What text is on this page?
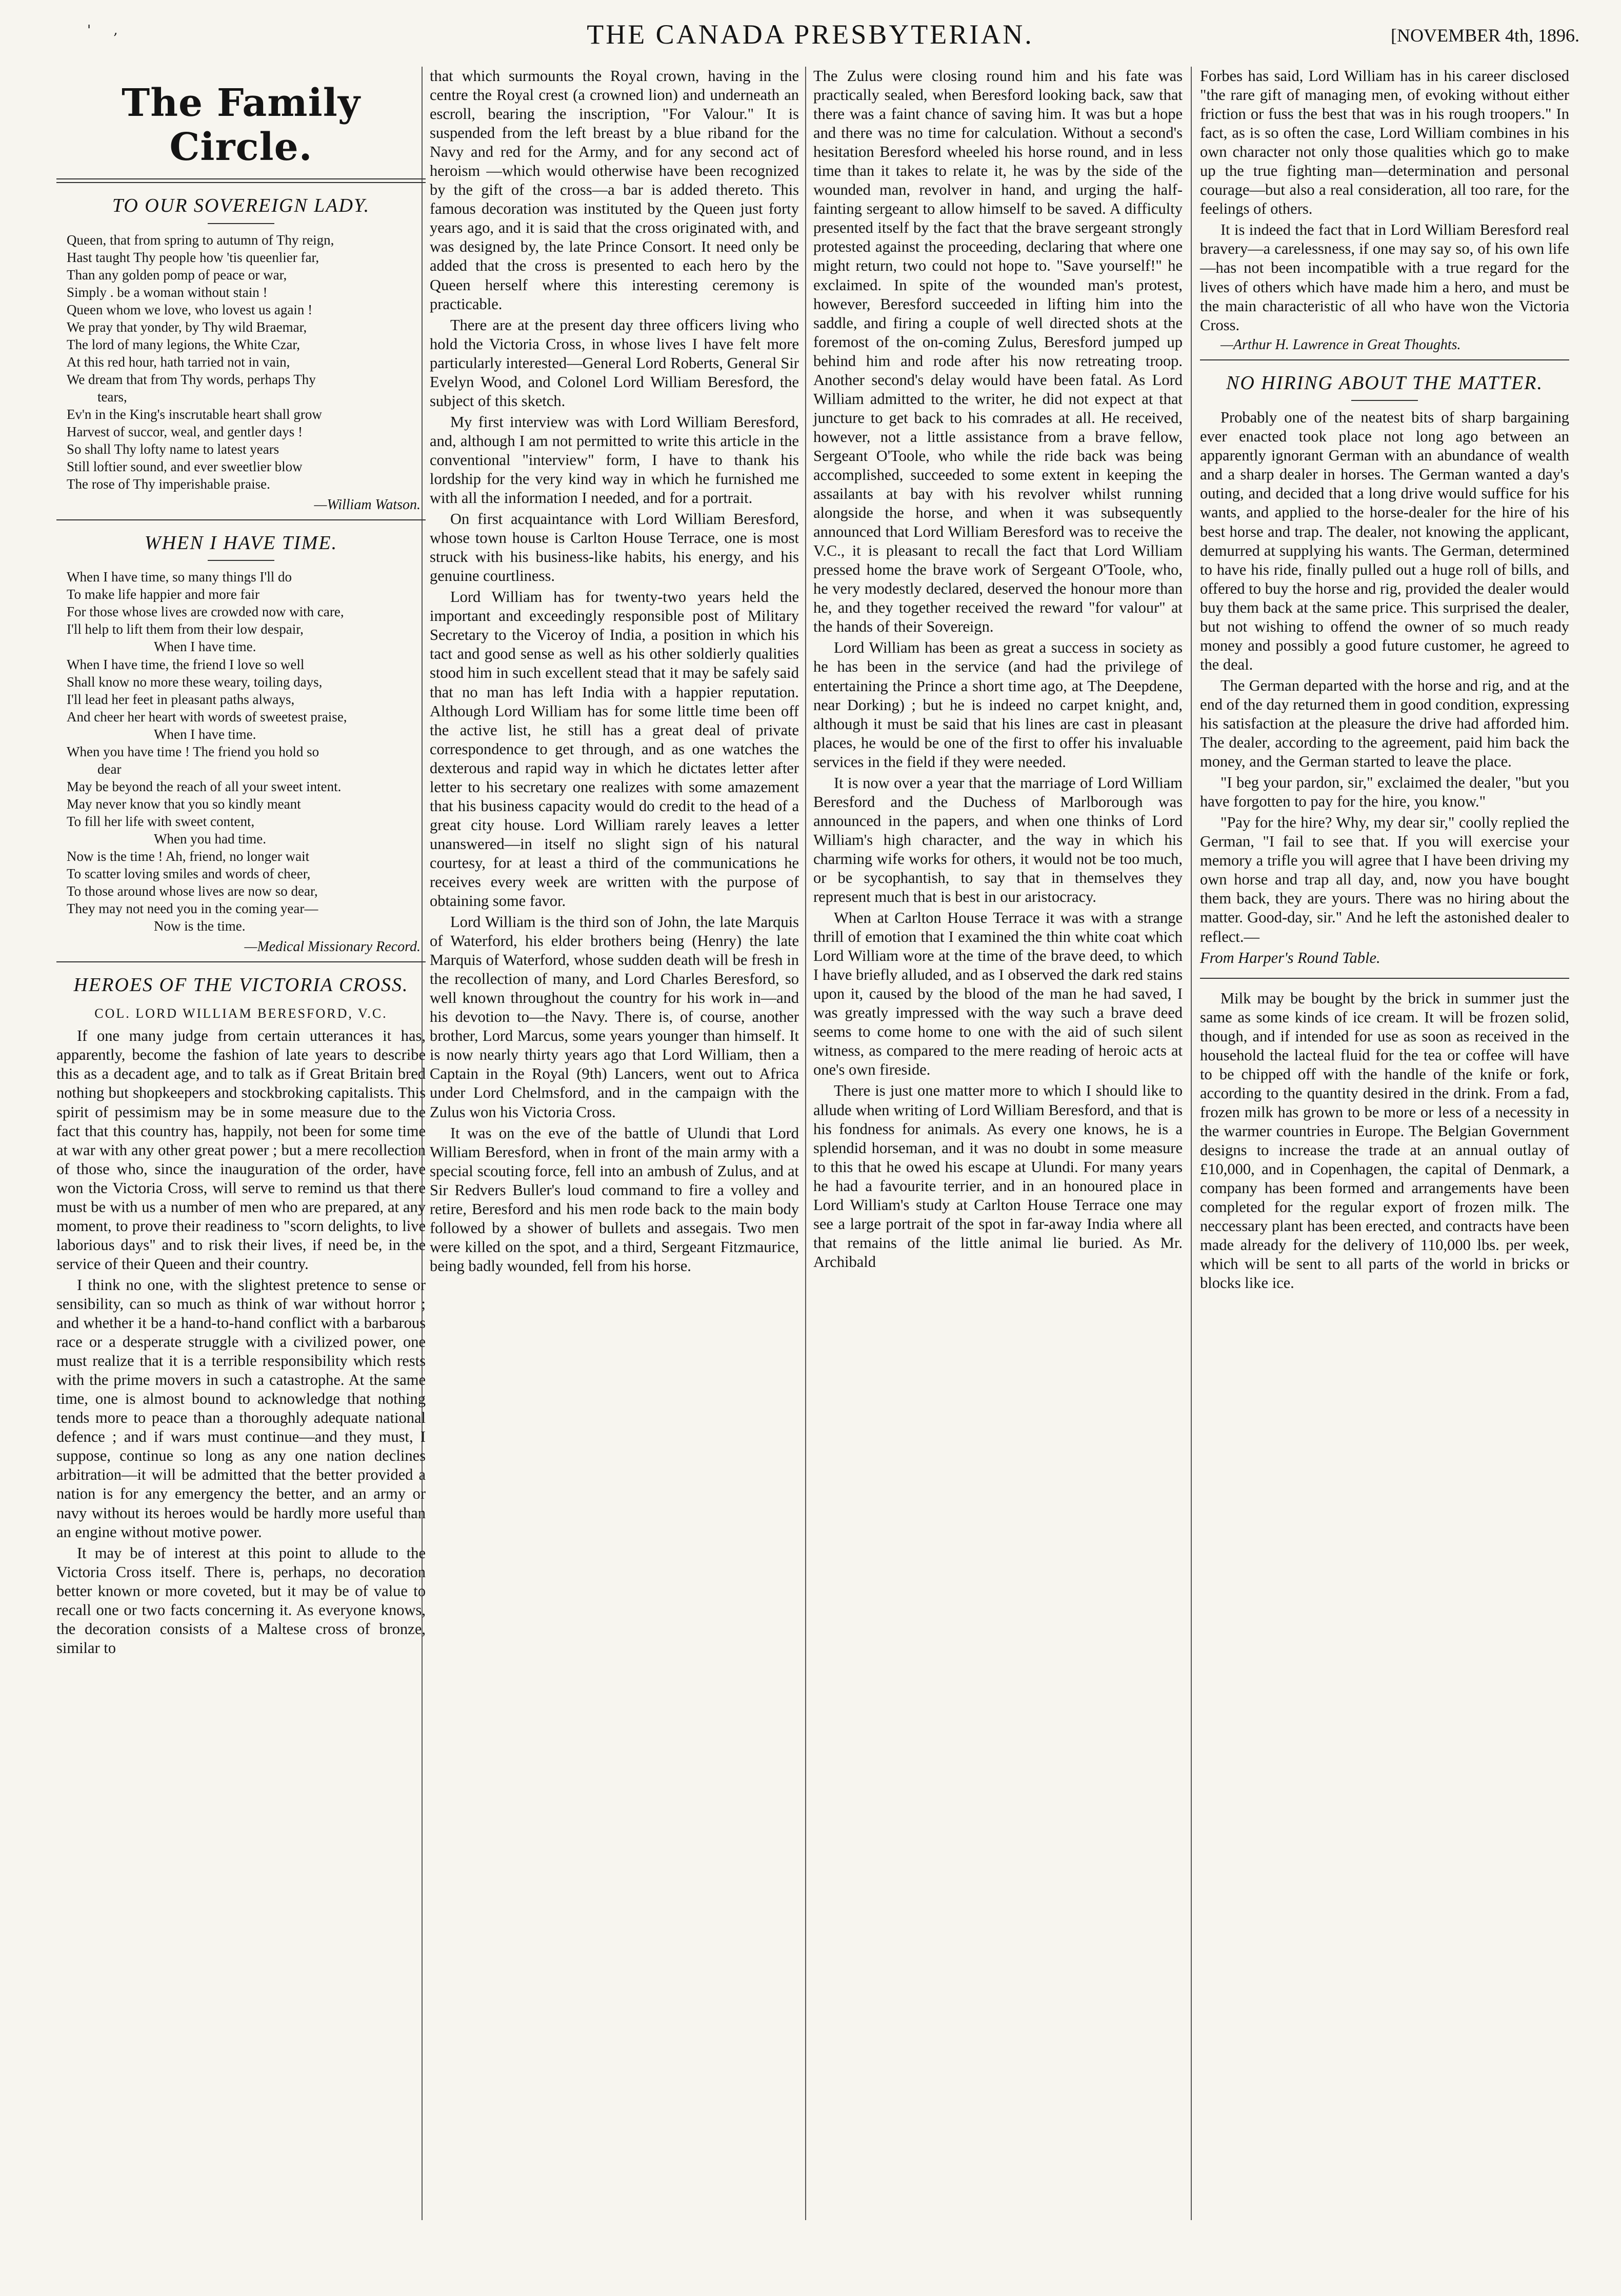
' ,	THE CANADA PRESBYTERIAN.	[NOVEMBER 4th, 1896.
The Family Circle.
TO OUR SOVEREIGN LADY.
Queen, that from spring to autumn of Thy reign,
Hast taught Thy people how 'tis queenlier far,
Than any golden pomp of peace or war,
Simply . be a woman without stain !
Queen whom we love, who lovest us again !
We pray that yonder, by Thy wild Braemar,
The lord of many legions, the White Czar,
At this red hour, hath tarried not in vain,
We dream that from Thy words, perhaps Thy
tears,
Ev'n in the King's inscrutable heart shall grow
Harvest of succor, weal, and gentler days !
So shall Thy lofty name to latest years
Still loftier sound, and ever sweetlier blow
The rose of Thy imperishable praise.
—William Watson.
WHEN I HAVE TIME.
When I have time, so many things I'll do
To make life happier and more fair
For those whose lives are crowded now with care,
I'll help to lift them from their low despair,
When I have time.
When I have time, the friend I love so well
Shall know no more these weary, toiling days,
I'll lead her feet in pleasant paths always,
And cheer her heart with words of sweetest praise,
When I have time.
When you have time ! The friend you hold so
dear
May be beyond the reach of all your sweet intent.
May never know that you so kindly meant
To fill her life with sweet content,
When you had time.
Now is the time ! Ah, friend, no longer wait
To scatter loving smiles and words of cheer,
To those around whose lives are now so dear,
They may not need you in the coming year—
Now is the time.
—Medical Missionary Record.
HEROES OF THE VICTORIA CROSS.
COL. LORD WILLIAM BERESFORD, V.C.

If one many judge from certain utterances it has, apparently, become the fashion of late years to describe this as a decadent age, and to talk as if Great Britain bred nothing but shopkeepers and stockbroking capitalists. This spirit of pessimism may be in some measure due to the fact that this country has, happily, not been for some time at war with any other great power ; but a mere recollection of those who, since the inauguration of the order, have won the Victoria Cross, will serve to remind us that there must be with us a number of men who are prepared, at any moment, to prove their readiness to "scorn delights, to live laborious days" and to risk their lives, if need be, in the service of their Queen and their country.

I think no one, with the slightest pretence to sense or sensibility, can so much as think of war without horror ; and whether it be a hand-to-hand conflict with a barbarous race or a desperate struggle with a civilized power, one must realize that it is a terrible responsibility which rests with the prime movers in such a catastrophe. At the same time, one is almost bound to acknowledge that nothing tends more to peace than a thoroughly adequate national defence ; and if wars must continue—and they must, I suppose, continue so long as any one nation declines arbitration—it will be admitted that the better provided a nation is for any emergency the better, and an army or navy without its heroes would be hardly more useful than an engine without motive power.

It may be of interest at this point to allude to the Victoria Cross itself. There is, perhaps, no decoration better known or more coveted, but it may be of value to recall one or two facts concerning it. As everyone knows, the decoration consists of a Maltese cross of bronze, similar to

that which surmounts the Royal crown, having in the centre the Royal crest (a crowned lion) and underneath an escroll, bearing the inscription, "For Valour." It is suspended from the left breast by a blue riband for the Navy and red for the Army, and for any second act of heroism —which would otherwise have been recognized by the gift of the cross—a bar is added thereto. This famous decoration was instituted by the Queen just forty years ago, and it is said that the cross originated with, and was designed by, the late Prince Consort. It need only be added that the cross is presented to each hero by the Queen herself where this interesting ceremony is practicable.

There are at the present day three officers living who hold the Victoria Cross, in whose lives I have felt more particularly interested—General Lord Roberts, General Sir Evelyn Wood, and Colonel Lord William Beresford, the subject of this sketch.

My first interview was with Lord William Beresford, and, although I am not permitted to write this article in the conventional "interview" form, I have to thank his lordship for the very kind way in which he furnished me with all the information I needed, and for a portrait.

On first acquaintance with Lord William Beresford, whose town house is Carlton House Terrace, one is most struck with his business-like habits, his energy, and his genuine courtliness.

Lord William has for twenty-two years held the important and exceedingly responsible post of Military Secretary to the Viceroy of India, a position in which his tact and good sense as well as his other soldierly qualities stood him in such excellent stead that it may be safely said that no man has left India with a happier reputation. Although Lord William has for some little time been off the active list, he still has a great deal of private correspondence to get through, and as one watches the dexterous and rapid way in which he dictates letter after letter to his secretary one realizes with some amazement that his business capacity would do credit to the head of a great city house. Lord William rarely leaves a letter unanswered—in itself no slight sign of his natural courtesy, for at least a third of the communications he receives every week are written with the purpose of obtaining some favor.

Lord William is the third son of John, the late Marquis of Waterford, his elder brothers being (Henry) the late Marquis of Waterford, whose sudden death will be fresh in the recollection of many, and Lord Charles Beresford, so well known throughout the country for his work in—and his devotion to—the Navy. There is, of course, another brother, Lord Marcus, some years younger than himself. It is now nearly thirty years ago that Lord William, then a Captain in the Royal (9th) Lancers, went out to Africa under Lord Chelmsford, and in the campaign with the Zulus won his Victoria Cross.

It was on the eve of the battle of Ulundi that Lord William Beresford, when in front of the main army with a special scouting force, fell into an ambush of Zulus, and at Sir Redvers Buller's loud command to fire a volley and retire, Beresford and his men rode back to the main body followed by a shower of bullets and assegais. Two men were killed on the spot, and a third, Sergeant Fitzmaurice, being badly wounded, fell from his horse.

The Zulus were closing round him and his fate was practically sealed, when Beresford looking back, saw that there was a faint chance of saving him. It was but a hope and there was no time for calculation. Without a second's hesitation Beresford wheeled his horse round, and in less time than it takes to relate it, he was by the side of the wounded man, revolver in hand, and urging the half-fainting sergeant to allow himself to be saved. A difficulty presented itself by the fact that the brave sergeant strongly protested against the proceeding, declaring that where one might return, two could not hope to. "Save yourself!" he exclaimed. In spite of the wounded man's protest, however, Beresford succeeded in lifting him into the saddle, and firing a couple of well directed shots at the foremost of the on-coming Zulus, Beresford jumped up behind him and rode after his now retreating troop. Another second's delay would have been fatal. As Lord William admitted to the writer, he did not expect at that juncture to get back to his comrades at all. He received, however, not a little assistance from a brave fellow, Sergeant O'Toole, who while the ride back was being accomplished, succeeded to some extent in keeping the assailants at bay with his revolver whilst running alongside the horse, and when it was subsequently announced that Lord William Beresford was to receive the V.C., it is pleasant to recall the fact that Lord William pressed home the brave work of Sergeant O'Toole, who, he very modestly declared, deserved the honour more than he, and they together received the reward "for valour" at the hands of their Sovereign.

Lord William has been as great a success in society as he has been in the service (and had the privilege of entertaining the Prince a short time ago, at The Deepdene, near Dorking) ; but he is indeed no carpet knight, and, although it must be said that his lines are cast in pleasant places, he would be one of the first to offer his invaluable services in the field if they were needed.

It is now over a year that the marriage of Lord William Beresford and the Duchess of Marlborough was announced in the papers, and when one thinks of Lord William's high character, and the way in which his charming wife works for others, it would not be too much, or be sycophantish, to say that in themselves they represent much that is best in our aristocracy.

When at Carlton House Terrace it was with a strange thrill of emotion that I examined the thin white coat which Lord William wore at the time of the brave deed, to which I have briefly alluded, and as I observed the dark red stains upon it, caused by the blood of the man he had saved, I was greatly impressed with the way such a brave deed seems to come home to one with the aid of such silent witness, as compared to the mere reading of heroic acts at one's own fireside.

There is just one matter more to which I should like to allude when writing of Lord William Beresford, and that is his fondness for animals. As every one knows, he is a splendid horseman, and it was no doubt in some measure to this that he owed his escape at Ulundi. For many years he had a favourite terrier, and in an honoured place in Lord William's study at Carlton House Terrace one may see a large portrait of the spot in far-away India where all that remains of the little animal lie buried. As Mr. Archibald

Forbes has said, Lord William has in his career disclosed "the rare gift of managing men, of evoking without either friction or fuss the best that was in his rough troopers." In fact, as is so often the case, Lord William combines in his own character not only those qualities which go to make up the true fighting man—determination and personal courage—but also a real consideration, all too rare, for the feelings of others.

It is indeed the fact that in Lord William Beresford real bravery—a carelessness, if one may say so, of his own life —has not been incompatible with a true regard for the lives of others which have made him a hero, and must be the main characteristic of all who have won the Victoria Cross.

—Arthur H. Lawrence in Great Thoughts.
NO HIRING ABOUT THE MATTER.

Probably one of the neatest bits of sharp bargaining ever enacted took place not long ago between an apparently ignorant German with an abundance of wealth and a sharp dealer in horses. The German wanted a day's outing, and decided that a long drive would suffice for his wants, and applied to the horse-dealer for the hire of his best horse and trap. The dealer, not knowing the applicant, demurred at supplying his wants. The German, determined to have his ride, finally pulled out a huge roll of bills, and offered to buy the horse and rig, provided the dealer would buy them back at the same price. This surprised the dealer, but not wishing to offend the owner of so much ready money and possibly a good future customer, he agreed to the deal.

The German departed with the horse and rig, and at the end of the day returned them in good condition, expressing his satisfaction at the pleasure the drive had afforded him. The dealer, according to the agreement, paid him back the money, and the German started to leave the place.

"I beg your pardon, sir," exclaimed the dealer, "but you have forgotten to pay for the hire, you know."

"Pay for the hire? Why, my dear sir," coolly replied the German, "I fail to see that. If you will exercise your memory a trifle you will agree that I have been driving my own horse and trap all day, and, now you have bought them back, they are yours. There was no hiring about the matter. Good-day, sir." And he left the astonished dealer to reflect.—

From Harper's Round Table.

Milk may be bought by the brick in summer just the same as some kinds of ice cream. It will be frozen solid, though, and if intended for use as soon as received in the household the lacteal fluid for the tea or coffee will have to be chipped off with the handle of the knife or fork, according to the quantity desired in the drink. From a fad, frozen milk has grown to be more or less of a necessity in the warmer countries in Europe. The Belgian Government designs to increase the trade at an annual outlay of £10,000, and in Copenhagen, the capital of Denmark, a company has been formed and arrangements have been completed for the regular export of frozen milk. The neccessary plant has been erected, and contracts have been made already for the delivery of 110,000 lbs. per week, which will be sent to all parts of the world in bricks or blocks like ice.
